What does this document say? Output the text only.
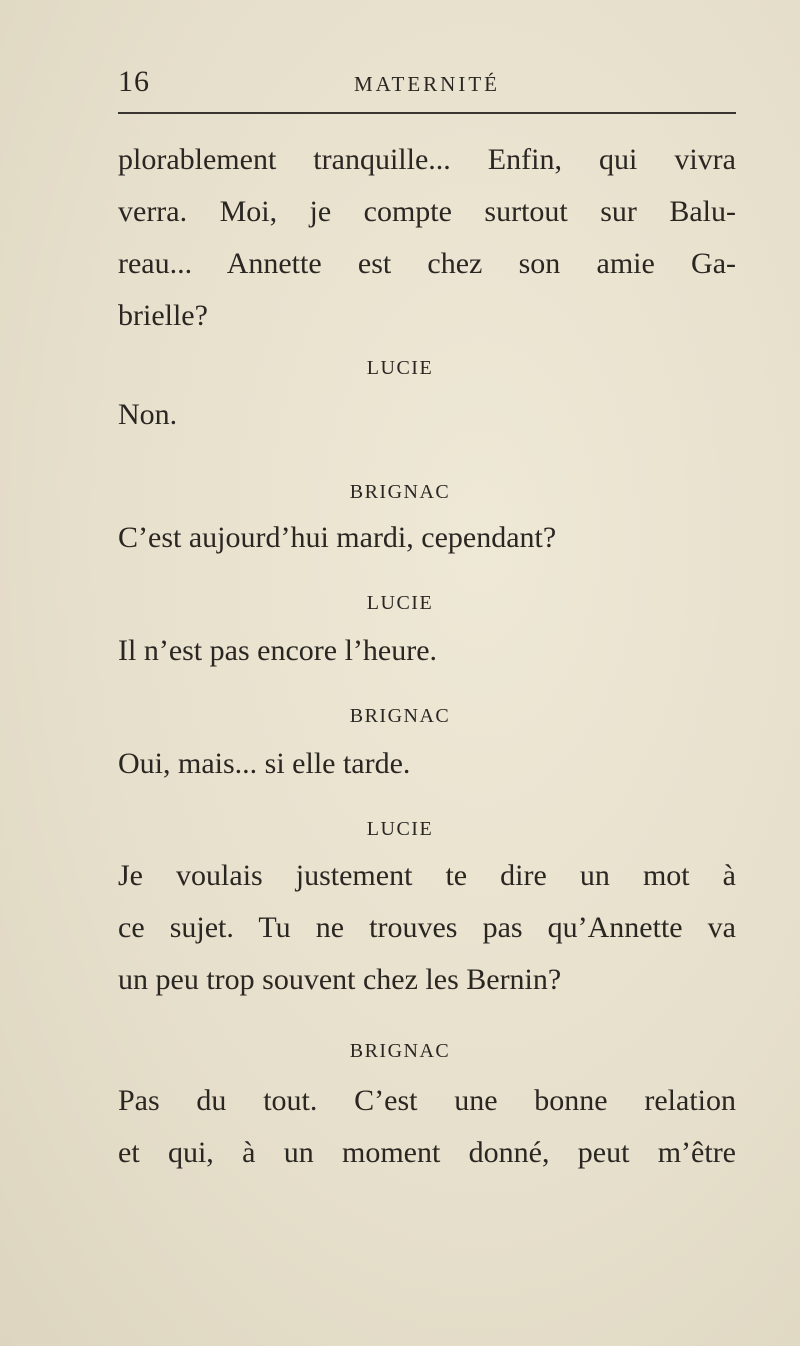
16	MATERNITÉ
plorablement tranquille... Enfin, qui vivra
verra. Moi, je compte surtout sur Balu-
reau... Annette est chez son amie Ga-
brielle?
LUCIE
Non.
BRIGNAC
C’est aujourd’hui mardi, cependant?
LUCIE
Il n’est pas encore l’heure.
BRIGNAC
Oui, mais... si elle tarde.
LUCIE
Je voulais justement te dire un mot à
ce sujet. Tu ne trouves pas qu’Annette va
un peu trop souvent chez les Bernin?
BRIGNAC
Pas du tout. C’est une bonne relation
et qui, à un moment donné, peut m’être
